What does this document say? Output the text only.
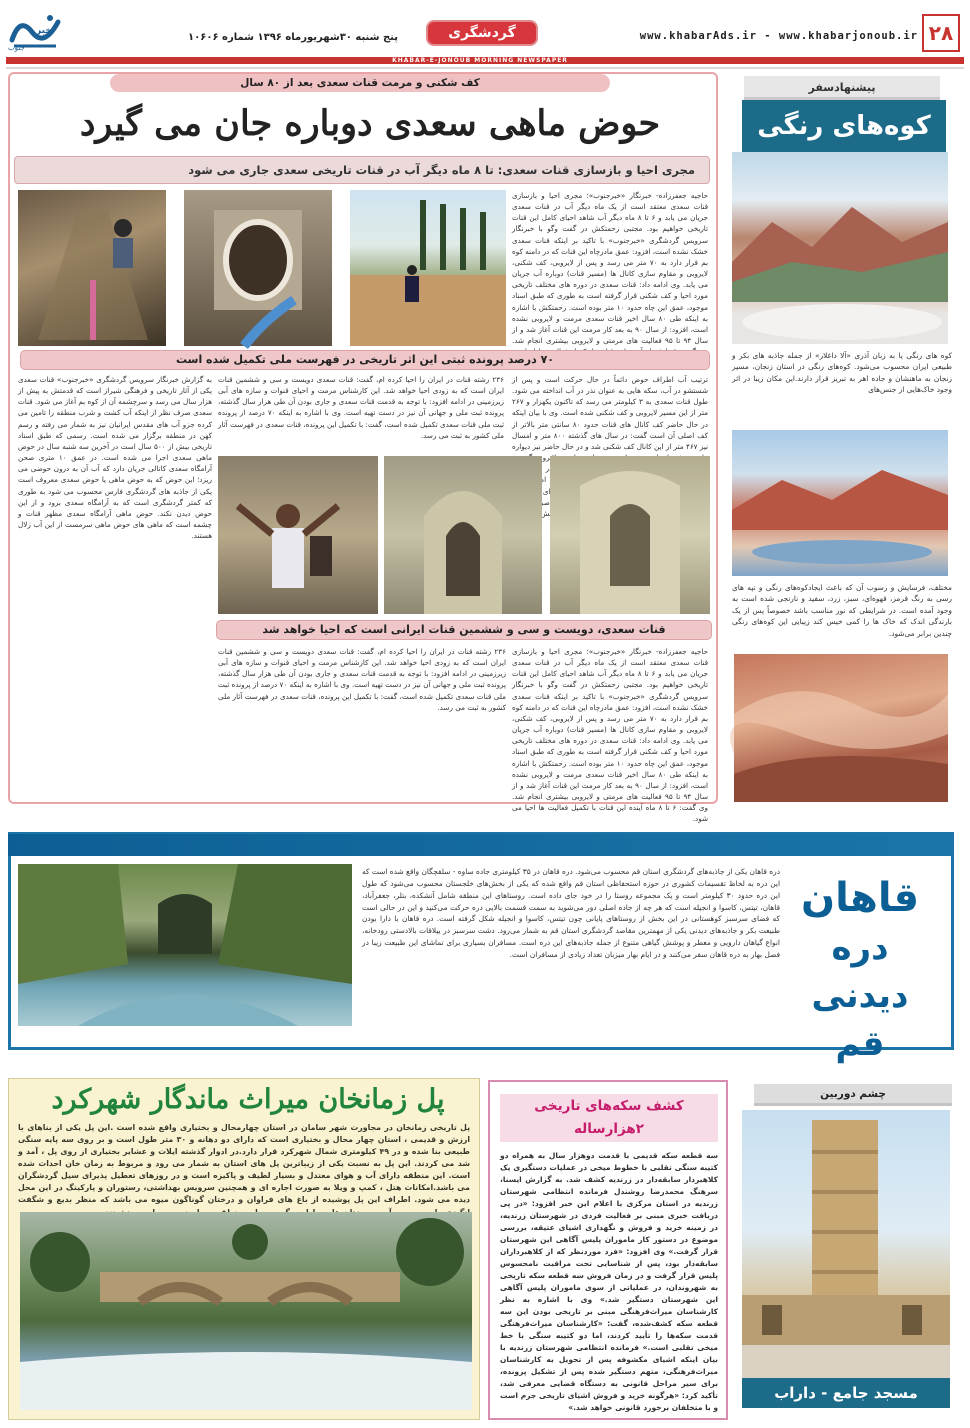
۲۸
www.khabarAds.ir - www.khabarjonoub.ir
گردشگری
پنج شنبه ۳۰شهریورماه ۱۳۹۶ شماره ۱۰۶۰۶
خبر
جنوب
KHABAR-E-JONOUB MORNING NEWSPAPER
کف شکنی و مرمت قنات سعدی بعد از ۸۰ سال
حوض ماهی سعدی دوباره جان می گیرد
مجری احیا و بازسازی قنات سعدی: تا ۸ ماه دیگر آب در قنات تاریخی سعدی جاری می شود
حاجیه جعفرزاده- خبرنگار «خبرجنوب»؛ مجری احیا و بازسازی قنات سعدی معتقد است از یک ماه دیگر آب در قنات سعدی جریان می یابد و ۶ تا ۸ ماه دیگر آب شاهد احیای کامل این قنات تاریخی خواهیم بود. مجتبی زحمتکش در گفت وگو با خبرنگار سرویس گردشگری «خبرجنوب» با تاکید بر اینکه قنات سعدی خشک نشده است، افزود: عمق مادرچاه این قنات که در دامنه کوه بم قرار دارد به ۷۰ متر می رسد و پس از لایروبی، کف شکنی، لایروبی و مقاوم سازی کانال ها (مسیر قنات) دوباره آب جریان می یابد. وی ادامه داد: قنات سعدی در دوره های مختلف تاریخی مورد احیا و کف شکنی قرار گرفته است به طوری که طبق اسناد موجود، عمق این چاه حدود ۱۰ متر بوده است. زحمتکش با اشاره به اینکه طی ۸۰ سال اخیر قنات سعدی مرمت و لایروبی نشده است، افزود: از سال ۹۰ به بعد کار مرمت این قنات آغاز شد و از سال ۹۴ تا ۹۵ فعالیت های مرمتی و لایروبی بیشتری انجام شد.
۷۰ درصد پرونده ثبتی این اثر تاریخی در فهرست ملی تکمیل شده است
ترتیب آب اطراف حوض دائماً در حال حرکت است و پس از شستشو در آب، سکه هایی به عنوان نذر در آب انداخته می شود. طول قنات سعدی به ۳ کیلومتر می رسد که تاکنون یکهزار و ۲۶۷ متر از این مسیر لایروبی و کف شکنی شده است. وی با بیان اینکه در حال حاضر کف کانال های قنات حدود ۸۰ سانتی متر بالاتر از کف اصلی آن است گفت: در سال های گذشته ۸۰۰ متر و امسال نیز ۴۶۷ متر از این کانال کف شکنی شد و در حال حاضر نیز دیواره لایروبی
۲۳۶ رشته قنات در ایران را احیا کرده ام، گفت: قنات سعدی دویست و سی و ششمین قنات ایران است که به زودی احیا خواهد شد. این کارشناس مرمت و احیای قنوات و سازه های آبی زیرزمینی در ادامه افزود: با توجه به قدمت قنات سعدی و جاری بودن آن طی هزار سال گذشته، پرونده ثبت ملی و جهانی آن نیز در دست تهیه است. وی با اشاره به اینکه ۷۰ درصد از پرونده ثبت ملی قنات سعدی تکمیل شده است، گفت: با تکمیل این پرونده، قنات سعدی در فهرست آثار ملی کشور به ثبت می رسد.
به گزارش خبرنگار سرویس گردشگری «خبرجنوب» قنات سعدی یکی از آثار تاریخی و فرهنگی شیراز است که قدمتش به پیش از هزار سال می رسد و سرچشمه آن از کوه بم آغاز می شود. قنات سعدی صرف نظر از اینکه آب کشت و شرب منطقه را تامین می کرده جزو آب های مقدس ایرانیان نیز به شمار می رفته و رسم کهن در منطقه برگزار می شده است. رسمی که طبق اسناد تاریخی بیش از ۵۰۰ سال است در آخرین سه شنبه سال در حوض ماهی سعدی اجرا می شده است. در عمق ۱۰ متری صحن آرامگاه سعدی کانالی جریان دارد که آب آن به درون حوضی می ریزد؛ این حوض که به حوض ماهی یا حوض سعدی معروف است یکی از جاذبه های گردشگری فارس محسوب می شود به طوری که کمتر گردشگری است که به آرامگاه سعدی برود و از این حوض دیدن نکند. حوض ماهی آرامگاه سعدی مظهر قنات و چشمه است که ماهی های حوض ماهی سرمست از این آب زلال هستند.
قنات سعدی، دویست و سی و ششمین قنات ایرانی است که احیا خواهد شد
۲۳۶ رشته قنات در ایران را احیا کرده ام، گفت: قنات سعدی دویست و سی و ششمین قنات ایران است که به زودی احیا خواهد شد. این کارشناس مرمت و احیای قنوات و سازه های آبی زیرزمینی در ادامه افزود: با توجه به قدمت قنات سعدی و جاری بودن آن طی هزار سال گذشته، پرونده ثبت ملی و جهانی آن نیز در دست تهیه است. وی با اشاره به اینکه ۷۰ درصد از پرونده ثبت ملی قنات سعدی تکمیل شده است، گفت: با تکمیل این پرونده، قنات سعدی در فهرست آثار ملی کشور به ثبت می رسد.
حاجیه جعفرزاده- خبرنگار «خبرجنوب»؛ مجری احیا و بازسازی قنات سعدی معتقد است از یک ماه دیگر آب در قنات سعدی جریان می یابد و ۶ تا ۸ ماه دیگر آب شاهد احیای کامل این قنات تاریخی خواهیم بود. مجتبی زحمتکش در گفت وگو با خبرنگار سرویس گردشگری «خبرجنوب» با تاکید بر اینکه قنات سعدی خشک نشده است، افزود: عمق مادرچاه این قنات که در دامنه کوه بم قرار دارد به ۷۰ متر می رسد و پس از لایروبی، کف شکنی، لایروبی و مقاوم سازی کانال ها (مسیر قنات) دوباره آب جریان می یابد. وی ادامه داد: قنات سعدی در دوره های مختلف تاریخی مورد احیا و کف شکنی قرار گرفته است به طوری که طبق اسناد موجود، عمق این چاه حدود ۱۰ متر بوده است. زحمتکش با اشاره به اینکه طی ۸۰ سال اخیر قنات سعدی مرمت و لایروبی نشده است، افزود: از سال ۹۰ به بعد کار مرمت این قنات آغاز شد و از سال ۹۴ تا ۹۵ فعالیت های مرمتی و لایروبی بیشتری انجام شد. وی گفت: ۶ تا ۸ ماه آینده این قنات با تکمیل فعالیت ها احیا می شود.
پیشنهادسفر
کوه‌های رنگی
کوه های رنگی یا به زبان آذری «آلا داغلار» از جمله جاذبه های بکر و طبیعی ایران محسوب می‌شود. کوه‌های رنگی در استان زنجان، مسیر زنجان به ماهنشان و جاده اهر به تبریز قرار دارند.این مکان زیبا در اثر وجود خاک‌هایی از جنس‌های
مختلف، فرسایش و رسوب آن که باعث ایجادکوه‌های رنگی و تپه های رسی به رنگ قرمز، قهوه‌ای، سبز، زرد، سفید و نارنجی شده است به وجود آمده است. در شرایطی که نور مناسب باشد خصوصاً پس از یک بارندگی اندک که خاک ها را کمی خیس کند زیبایی این کوه‌های رنگی چندین برابر می‌شود.
قاهان
دره دیدنی
قم
دره قاهان یکی از جاذبه‌های گردشگری استان قم محسوب می‌شود. دره قاهان در ۳۵ کیلومتری جاده ساوه - سلفچگان واقع شده است که این دره به لحاظ تقسیمات کشوری در حوزه استحفاظی استان قم واقع شده که یکی از بخش‌های خلجستان محسوب می‌شود که طول این دره حدود ۳۰ کیلومتر است و یک مجموعه روستا را در خود جای داده است. روستاهای این منطقه شامل آتشکده، بتلر، جعفرآباد، قاهان، تیتس، کاسوا و انجیله است که هر چه از جاده اصلی دور می‌شوید به سمت قسمت بالایی دره حرکت می‌کنید و این در حالی است که فضای سرسبز کوهستانی در این بخش از روستاهای پایانی چون تیتس، کاسوا و انجیله شکل گرفته است. دره قاهان با دارا بودن طبیعت بکر و جاذبه‌های دیدنی یکی از مهمترین مقاصد گردشگری استان قم به شمار می‌رود. دشت سرسبز در ییلاقات بالادستی رودخانه، انواع گیاهان دارویی و معطر و پوشش گیاهی متنوع از جمله جاذبه‌های این دره است. مسافران بسیاری برای تماشای این طبیعت زیبا در فصل بهار به دره قاهان سفر می‌کنند و در ایام بهار میزبان تعداد زیادی از مسافران است.
پل زمانخان میراث ماندگار شهرکرد
پل تاریخی زمانخان در مجاورت شهر سامان در استان چهارمحال و بختیاری واقع شده است .این پل یکی از بناهای با ارزش و قدیمی ، استان چهار محال و بختیاری است که دارای دو دهانه و ۳۰ متر طول است و بر روی سه پایه سنگی طبیعی بنا شده و در ۴۹ کیلومتری شمال شهرکرد قرار دارد.در ادوار گذشته ایلات و عشایر بختیاری از روی پل ، آمد و شد می کردند. این پل به نسبت یکی از زیباترین پل های استان به شمار می رود و مربوط به زمان خان احداث شده است. این منطقه دارای آب و هوای معتدل و بسیار لطیف و پاکیزه است و در روزهای تعطیل پذیرای سیل گردشگران می باشد.امکانات هتل ، کمپ و ویلا به صورت اجاره ای و همچنین سرویس بهداشتی، رستوران و پارکینگ در این محل دیده می شود. اطراف این پل پوشیده از باغ های فراوان و درختان گوناگون میوه می باشد که منظر بدیع و شگفت
کشف سکه‌های تاریخی
۲هزارساله
سه قطعه سکه قدیمی با قدمت دوهزار سال به همراه دو کتیبه سنگی تقلبی با خطوط میخی در عملیات دستگیری یک کلاهبردار سابقه‌دار در زرندیه کشف شد. به گزارش ایسنا، سرهنگ محمدرضا روشندل فرمانده انتظامی شهرستان زرندیه در استان مرکزی با اعلام این خبر افزود: «در پی دریافت خبری مبنی بر فعالیت فردی در شهرستان زرندیه، در زمینه خرید و فروش و نگهداری اشیای عتیقه، بررسی موضوع در دستور کار ماموران پلیس آگاهی این شهرستان قرار گرفت.» وی افزود: «فرد موردنظر که از کلاهبرداران سابقه‌دار بود، پس از شناسایی تحت مراقبت نامحسوس پلیس قرار گرفت و در زمان فروش سه قطعه سکه تاریخی به شهروندان، در عملیاتی از سوی ماموران پلیس آگاهی این شهرستان دستگیر شد.» وی با اشاره به نظر کارشناسان میراث‌فرهنگی مبنی بر تاریخی بودن این سه قطعه سکه کشف‌شده، گفت: «کارشناسان میراث‌فرهنگی قدمت سکه‌ها را تأیید کردند، اما دو کتیبه سنگی با خط میخی تقلبی است.» فرمانده انتظامی شهرستان زرندیه با بیان اینکه اشیای مکشوفه پس از تحویل به کارشناسان میراث‌فرهنگی، متهم دستگیر شده پس از تشکیل پرونده، برای سیر مراحل قانونی به دستگاه قضایی معرفی شد، تأکید کرد: «هرگونه خرید و فروش اشیای تاریخی جرم است و با متخلفان برخورد قانونی خواهد شد.»
چشم دوربین
مسجد جامع - داراب
